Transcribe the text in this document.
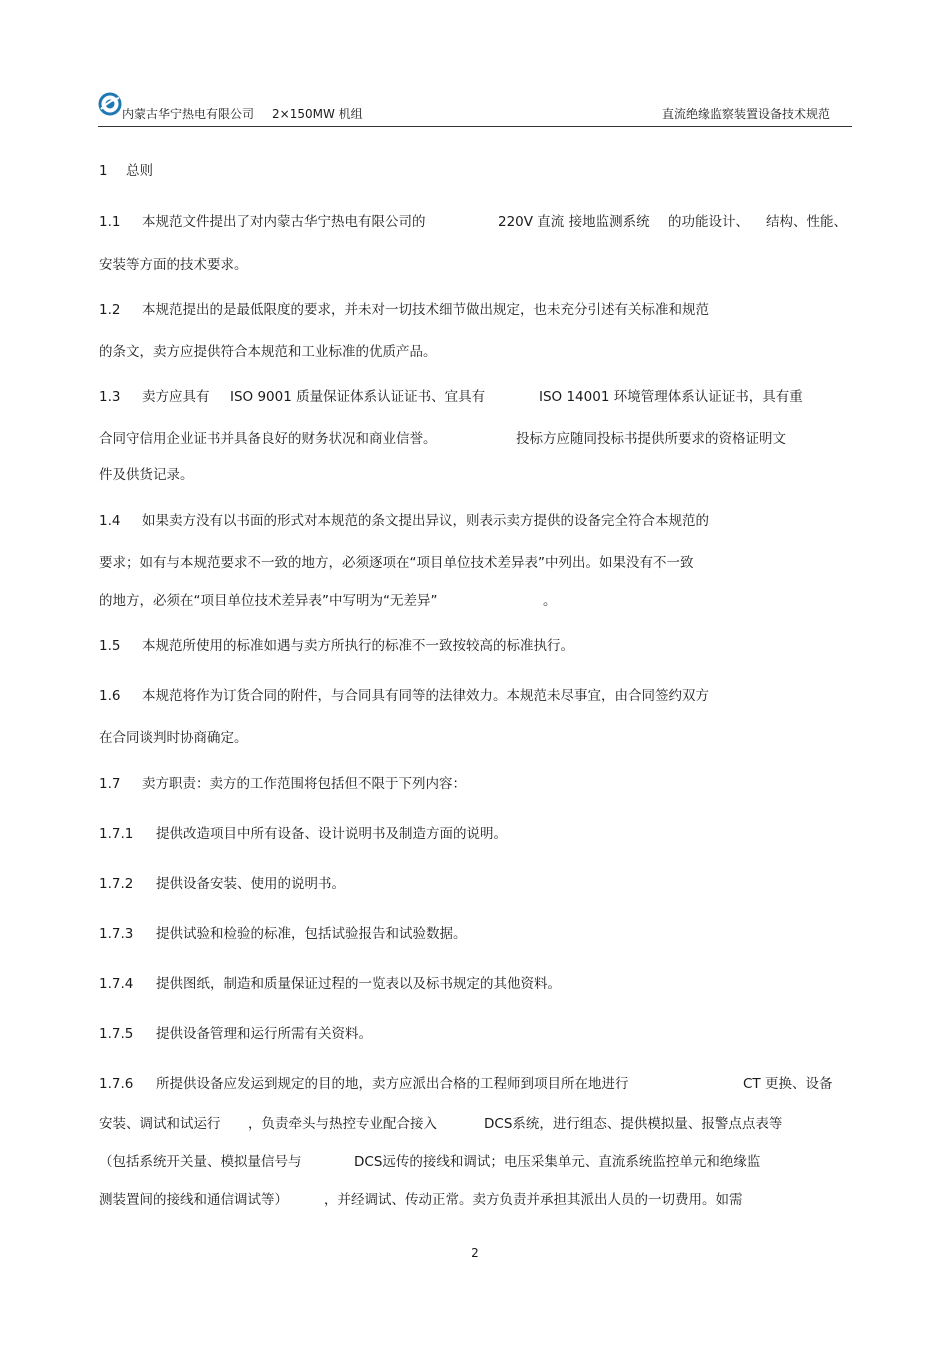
内蒙古华宁热电有限公司 2×150MW 机组	直流绝缘监察装置设备技术规范
1 总则
1.1 本规范文件提出了对内蒙古华宁热电有限公司的	220V 直流 接地监测系统 的功能设计、 结构、性能、
安装等方面的技术要求。
1.2 本规范提出的是最低限度的要求，并未对一切技术细节做出规定，也未充分引述有关标准和规范
的条文，卖方应提供符合本规范和工业标准的优质产品。
1.3 卖方应具有 ISO 9001 质量保证体系认证证书、宜具有	ISO 14001 环境管理体系认证证书，具有重
合同守信用企业证书并具备良好的财务状况和商业信誉。	投标方应随同投标书提供所要求的资格证明文
件及供货记录。
1.4 如果卖方没有以书面的形式对本规范的条文提出异议，则表示卖方提供的设备完全符合本规范的
要求；如有与本规范要求不一致的地方，必须逐项在“项目单位技术差异表”中列出。如果没有不一致
的地方，必须在“项目单位技术差异表”中写明为“无差异”	。
1.5 本规范所使用的标准如遇与卖方所执行的标准不一致按较高的标准执行。
1.6 本规范将作为订货合同的附件，与合同具有同等的法律效力。本规范未尽事宜，由合同签约双方
在合同谈判时协商确定。
1.7 卖方职责：卖方的工作范围将包括但不限于下列内容：
1.7.1 提供改造项目中所有设备、设计说明书及制造方面的说明。
1.7.2 提供设备安装、使用的说明书。
1.7.3 提供试验和检验的标准，包括试验报告和试验数据。
1.7.4 提供图纸，制造和质量保证过程的一览表以及标书规定的其他资料。
1.7.5 提供设备管理和运行所需有关资料。
1.7.6 所提供设备应发运到规定的目的地，卖方应派出合格的工程师到项目所在地进行	CT 更换、设备
安装、调试和试运行 ，负责牵头与热控专业配合接入	DCS系统，进行组态、提供模拟量、报警点点表等
（包括系统开关量、模拟量信号与	DCS远传的接线和调试；电压采集单元、直流系统监控单元和绝缘监
测装置间的接线和通信调试等）	，并经调试、传动正常。卖方负责并承担其派出人员的一切费用。如需
2
